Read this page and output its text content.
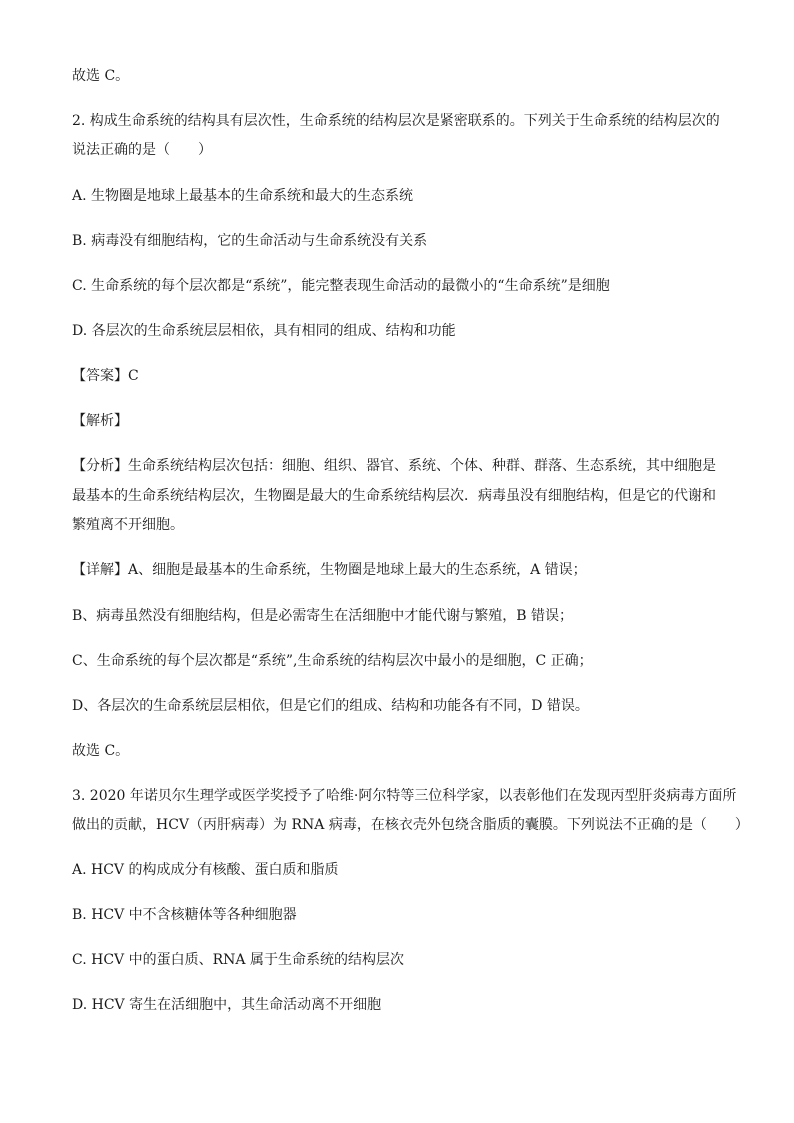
故选 C。
2. 构成生命系统的结构具有层次性，生命系统的结构层次是紧密联系的。下列关于生命系统的结构层次的
说法正确的是（　　）
A. 生物圈是地球上最基本的生命系统和最大的生态系统
B. 病毒没有细胞结构，它的生命活动与生命系统没有关系
C. 生命系统的每个层次都是“系统”，能完整表现生命活动的最微小的“生命系统”是细胞
D. 各层次的生命系统层层相依，具有相同的组成、结构和功能
【答案】C
【解析】
【分析】生命系统结构层次包括：细胞、组织、器官、系统、个体、种群、群落、生态系统，其中细胞是
最基本的生命系统结构层次，生物圈是最大的生命系统结构层次．病毒虽没有细胞结构，但是它的代谢和
繁殖离不开细胞。
【详解】A、细胞是最基本的生命系统，生物圈是地球上最大的生态系统，A 错误；
B、病毒虽然没有细胞结构，但是必需寄生在活细胞中才能代谢与繁殖，B 错误；
C、生命系统的每个层次都是“系统”,生命系统的结构层次中最小的是细胞，C 正确；
D、各层次的生命系统层层相依，但是它们的组成、结构和功能各有不同，D 错误。
故选 C。
3. 2020 年诺贝尔生理学或医学奖授予了哈维·阿尔特等三位科学家，以表彰他们在发现丙型肝炎病毒方面所
做出的贡献，HCV（丙肝病毒）为 RNA 病毒，在核衣壳外包绕含脂质的囊膜。下列说法不正确的是（　　）
A. HCV 的构成成分有核酸、蛋白质和脂质
B. HCV 中不含核糖体等各种细胞器
C. HCV 中的蛋白质、RNA 属于生命系统的结构层次
D. HCV 寄生在活细胞中，其生命活动离不开细胞
